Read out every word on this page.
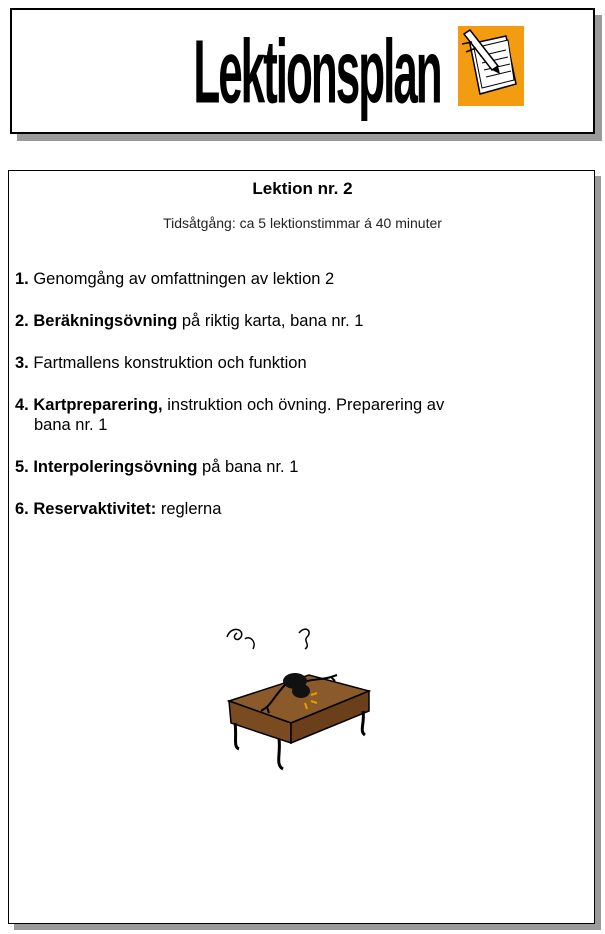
Lektionsplan

Lektion nr. 2

Tidsåtgång: ca 5 lektionstimmar á 40 minuter

1. Genomgång av omfattningen av lektion 2
2. Beräkningsövning på riktig karta, bana nr. 1
3. Fartmallens konstruktion och funktion
4. Kartpreparering, instruktion och övning. Preparering av
bana nr. 1
5. Interpoleringsövning på bana nr. 1
6. Reservaktivitet: reglerna
